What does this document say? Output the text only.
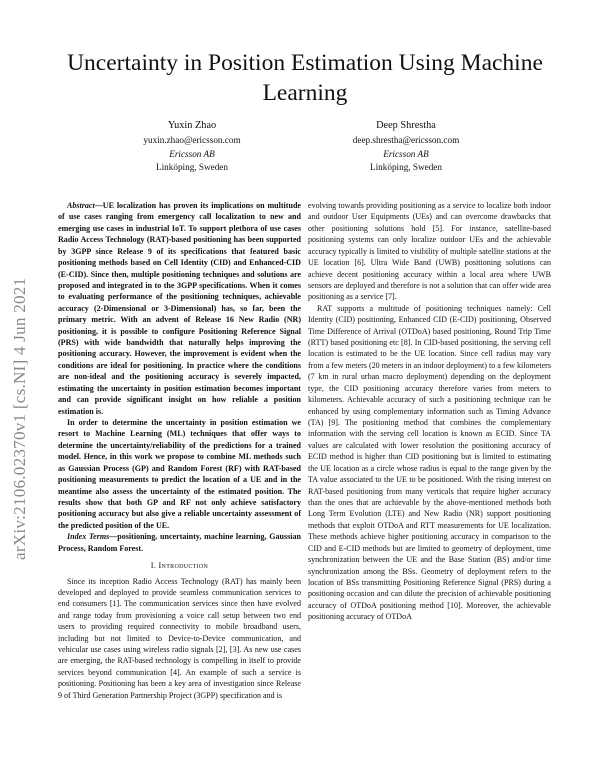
arXiv:2106.02370v1 [cs.NI] 4 Jun 2021
Uncertainty in Position Estimation Using Machine Learning
Yuxin Zhao
yuxin.zhao@ericsson.com
Ericsson AB
Linköping, Sweden
Deep Shrestha
deep.shrestha@ericsson.com
Ericsson AB
Linköping, Sweden

Abstract—UE localization has proven its implications on multitude of use cases ranging from emergency call localization to new and emerging use cases in industrial IoT. To support plethora of use cases Radio Access Technology (RAT)-based positioning has been supported by 3GPP since Release 9 of its specifications that featured basic positioning methods based on Cell Identity (CID) and Enhanced-CID (E-CID). Since then, multiple positioning techniques and solutions are proposed and integrated in to the 3GPP specifications. When it comes to evaluating performance of the positioning techniques, achievable accuracy (2-Dimensional or 3-Dimensional) has, so far, been the primary metric. With an advent of Release 16 New Radio (NR) positioning, it is possible to configure Positioning Reference Signal (PRS) with wide bandwidth that naturally helps improving the positioning accuracy. However, the improvement is evident when the conditions are ideal for positioning. In practice where the conditions are non-ideal and the positioning accuracy is severely impacted, estimating the uncertainty in position estimation becomes important and can provide significant insight on how reliable a position estimation is.

In order to determine the uncertainty in position estimation we resort to Machine Learning (ML) techniques that offer ways to determine the uncertainty/reliability of the predictions for a trained model. Hence, in this work we propose to combine ML methods such as Gaussian Process (GP) and Random Forest (RF) with RAT-based positioning measurements to predict the location of a UE and in the meantime also assess the uncertainty of the estimated position. The results show that both GP and RF not only achieve satisfactory positioning accuracy but also give a reliable uncertainty assessment of the predicted position of the UE.

Index Terms—positioning, uncertainty, machine learning, Gaussian Process, Random Forest.

I. Introduction

Since its inception Radio Access Technology (RAT) has mainly been developed and deployed to provide seamless communication services to end consumers [1]. The communication services since then have evolved and range today from provisioning a voice call setup between two end users to providing required connectivity to mobile broadband users, including but not limited to Device-to-Device communication, and vehicular use cases using wireless radio signals [2], [3]. As new use cases are emerging, the RAT-based technology is compelling in itself to provide services beyond communication [4]. An example of such a service is positioning. Positioning has been a key area of investigation since Release 9 of Third Generation Partnership Project (3GPP) specification and is

evolving towards providing positioning as a service to localize both indoor and outdoor User Equipments (UEs) and can overcome drawbacks that other positioning solutions hold [5]. For instance, satellite-based positioning systems can only localize outdoor UEs and the achievable accuracy typically is limited to visibility of multiple satellite stations at the UE location [6]. Ultra Wide Band (UWB) positioning solutions can achieve decent positioning accuracy within a local area where UWB sensors are deployed and therefore is not a solution that can offer wide area positioning as a service [7].

RAT supports a multitude of positioning techniques namely: Cell Identity (CID) positioning, Enhanced CID (E-CID) positioning, Observed Time Difference of Arrival (OTDoA) based positioning, Round Trip Time (RTT) based positioning etc [8]. In CID-based positioning, the serving cell location is estimated to be the UE location. Since cell radius may vary from a few meters (20 meters in an indoor deployment) to a few kilometers (7 km in rural urban macro deployment) depending on the deployment type, the CID positioning accuracy therefore varies from meters to kilometers. Achievable accuracy of such a positioning technique can be enhanced by using complementary information such as Timing Advance (TA) [9]. The positioning method that combines the complementary information with the serving cell location is known as ECID. Since TA values are calculated with lower resolution the positioning accuracy of ECID method is higher than CID positioning but is limited to estimating the UE location as a circle whose radius is equal to the range given by the TA value associated to the UE to be positioned. With the rising interest on RAT-based positioning from many verticals that require higher accuracy than the ones that are achievable by the above-mentioned methods both Long Term Evolution (LTE) and New Radio (NR) support positioning methods that exploit OTDoA and RTT measurements for UE localization. These methods achieve higher positioning accuracy in comparison to the CID and E-CID methods but are limited to geometry of deployment, time synchronization between the UE and the Base Station (BS) and/or time synchronization among the BSs. Geometry of deployment refers to the location of BSs transmitting Positioning Reference Signal (PRS) during a positioning occasion and can dilute the precision of achievable positioning accuracy of OTDoA positioning method [10]. Moreover, the achievable positioning accuracy of OTDoA
